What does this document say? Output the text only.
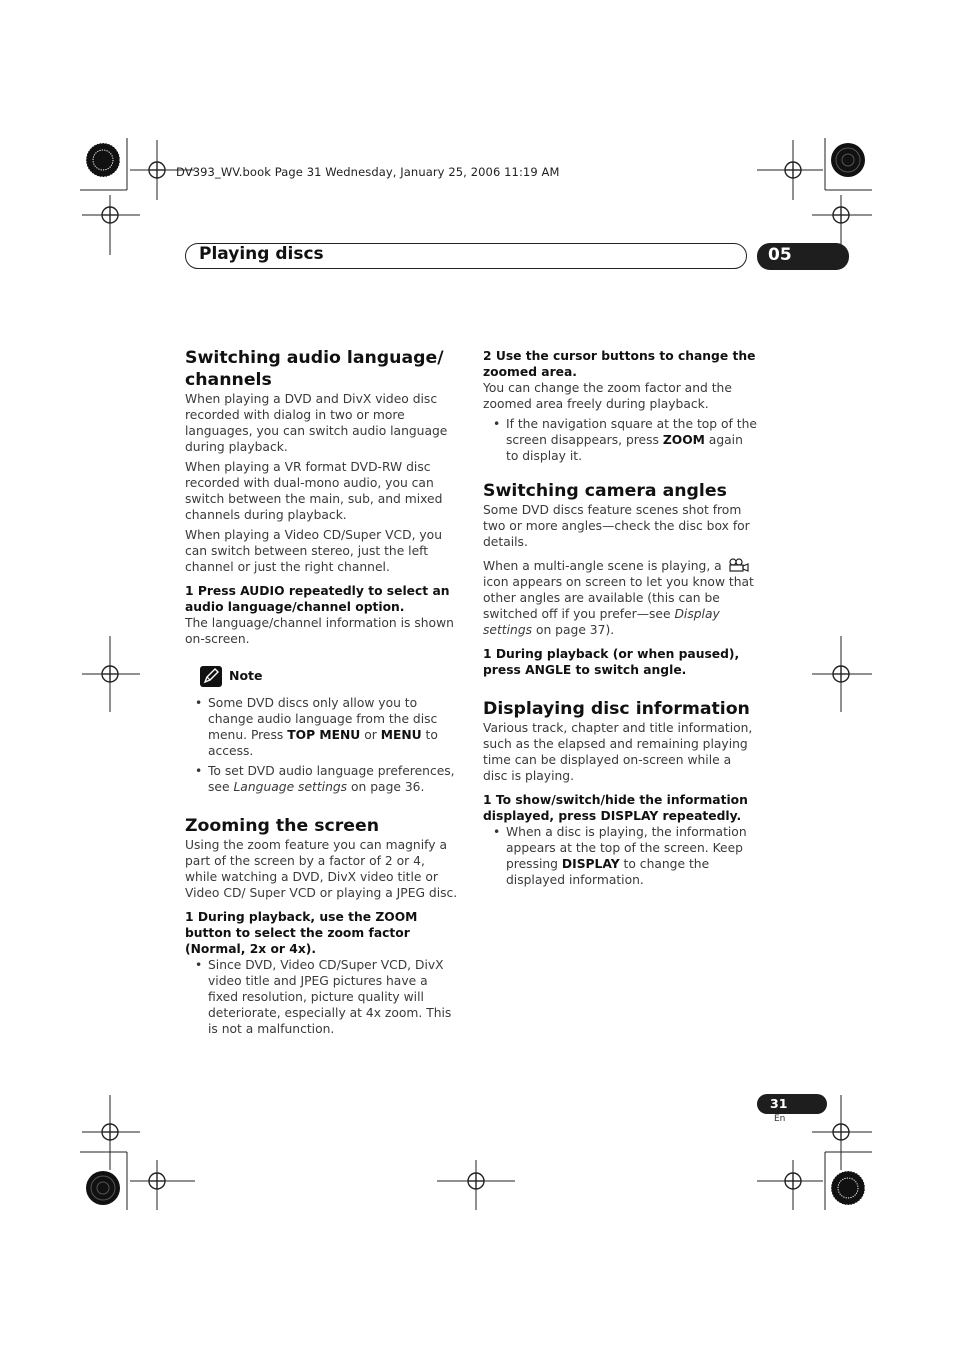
DV393_WV.book Page 31 Wednesday, January 25, 2006 11:19 AM
Playing discs	05
Switching audio language/ channels

When playing a DVD and DivX video disc recorded with dialog in two or more languages, you can switch audio language during playback.

When playing a VR format DVD-RW disc recorded with dual-mono audio, you can switch between the main, sub, and mixed channels during playback.

When playing a Video CD/Super VCD, you can switch between stereo, just the left channel or just the right channel.

1 Press AUDIO repeatedly to select an audio language/channel option.

The language/channel information is shown on-screen.

Note

• Some DVD discs only allow you to change audio language from the disc menu. Press TOP MENU or MENU to access.

• To set DVD audio language preferences, see Language settings on page 36.

Zooming the screen

Using the zoom feature you can magnify a part of the screen by a factor of 2 or 4, while watching a DVD, DivX video title or Video CD/ Super VCD or playing a JPEG disc.

1 During playback, use the ZOOM button to select the zoom factor (Normal, 2x or 4x).

• Since DVD, Video CD/Super VCD, DivX video title and JPEG pictures have a fixed resolution, picture quality will deteriorate, especially at 4x zoom. This is not a malfunction.

2 Use the cursor buttons to change the zoomed area.

You can change the zoom factor and the zoomed area freely during playback.

• If the navigation square at the top of the screen disappears, press ZOOM again to display it.

Switching camera angles

Some DVD discs feature scenes shot from two or more angles—check the disc box for details.

When a multi-angle scene is playing, a  icon appears on screen to let you know that other angles are available (this can be switched off if you prefer—see Display settings on page 37).

1 During playback (or when paused), press ANGLE to switch angle.

Displaying disc information

Various track, chapter and title information, such as the elapsed and remaining playing time can be displayed on-screen while a disc is playing.

1 To show/switch/hide the information displayed, press DISPLAY repeatedly.

• When a disc is playing, the information appears at the top of the screen. Keep pressing DISPLAY to change the displayed information.

31
En
